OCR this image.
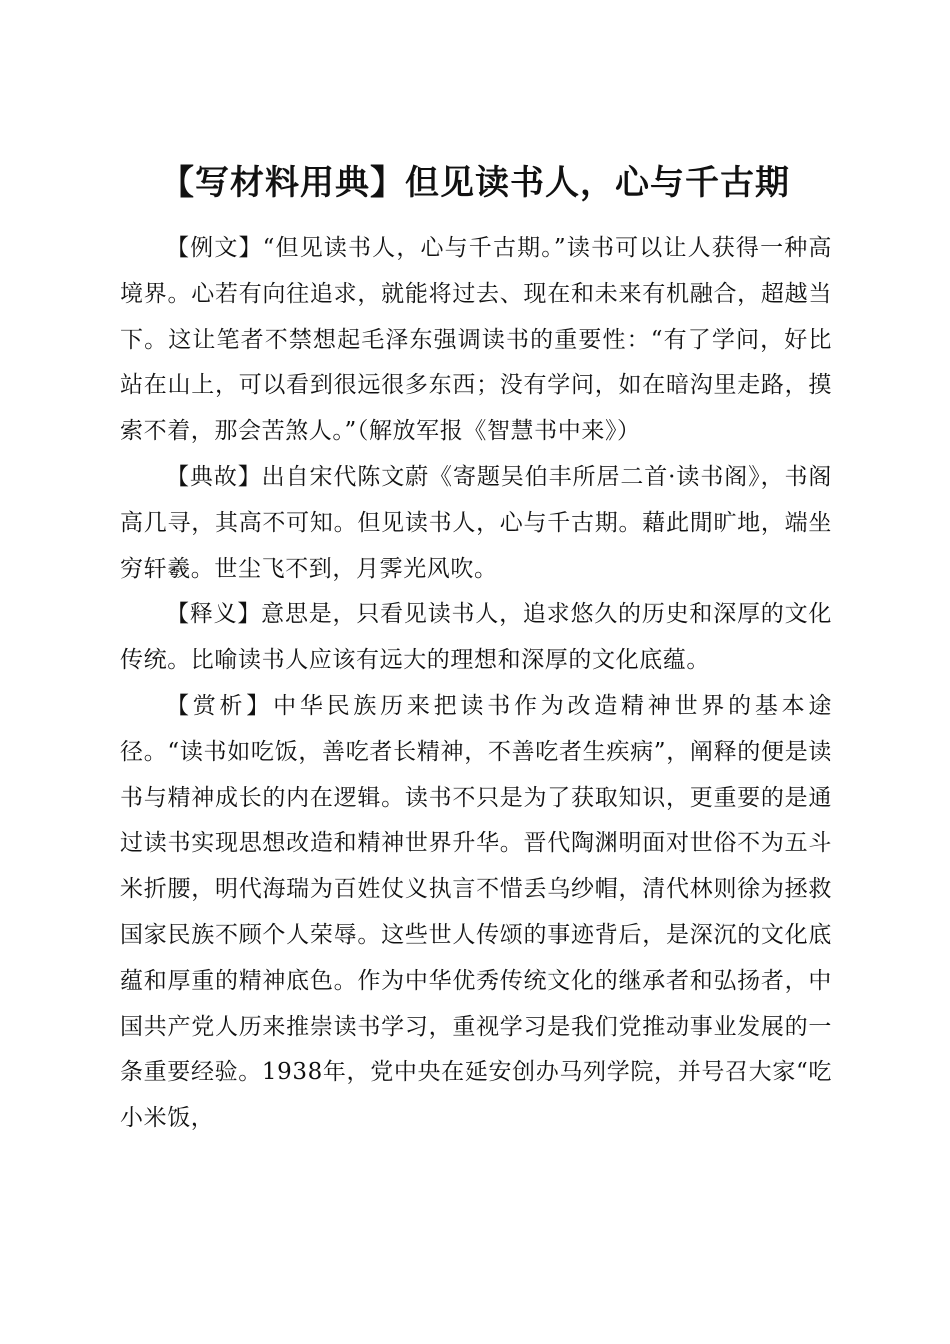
【写材料用典】但见读书人，心与千古期

【例文】“但见读书人，心与千古期。”读书可以让人获得一种高境界。心若有向往追求，就能将过去、现在和未来有机融合，超越当下。这让笔者不禁想起毛泽东强调读书的重要性：“有了学问，好比站在山上，可以看到很远很多东西；没有学问，如在暗沟里走路，摸索不着，那会苦煞人。”（解放军报《智慧书中来》）

【典故】出自宋代陈文蔚《寄题吴伯丰所居二首·读书阁》，书阁高几寻，其高不可知。但见读书人，心与千古期。藉此閒旷地，端坐穷轩羲。世尘飞不到，月霁光风吹。

【释义】意思是，只看见读书人，追求悠久的历史和深厚的文化传统。比喻读书人应该有远大的理想和深厚的文化底蕴。

【赏析】中华民族历来把读书作为改造精神世界的基本途径。“读书如吃饭，善吃者长精神，不善吃者生疾病”，阐释的便是读书与精神成长的内在逻辑。读书不只是为了获取知识，更重要的是通过读书实现思想改造和精神世界升华。晋代陶渊明面对世俗不为五斗米折腰，明代海瑞为百姓仗义执言不惜丢乌纱帽，清代林则徐为拯救国家民族不顾个人荣辱。这些世人传颂的事迹背后，是深沉的文化底蕴和厚重的精神底色。作为中华优秀传统文化的继承者和弘扬者，中国共产党人历来推崇读书学习，重视学习是我们党推动事业发展的一条重要经验。1938年，党中央在延安创办马列学院，并号召大家“吃小米饭，
